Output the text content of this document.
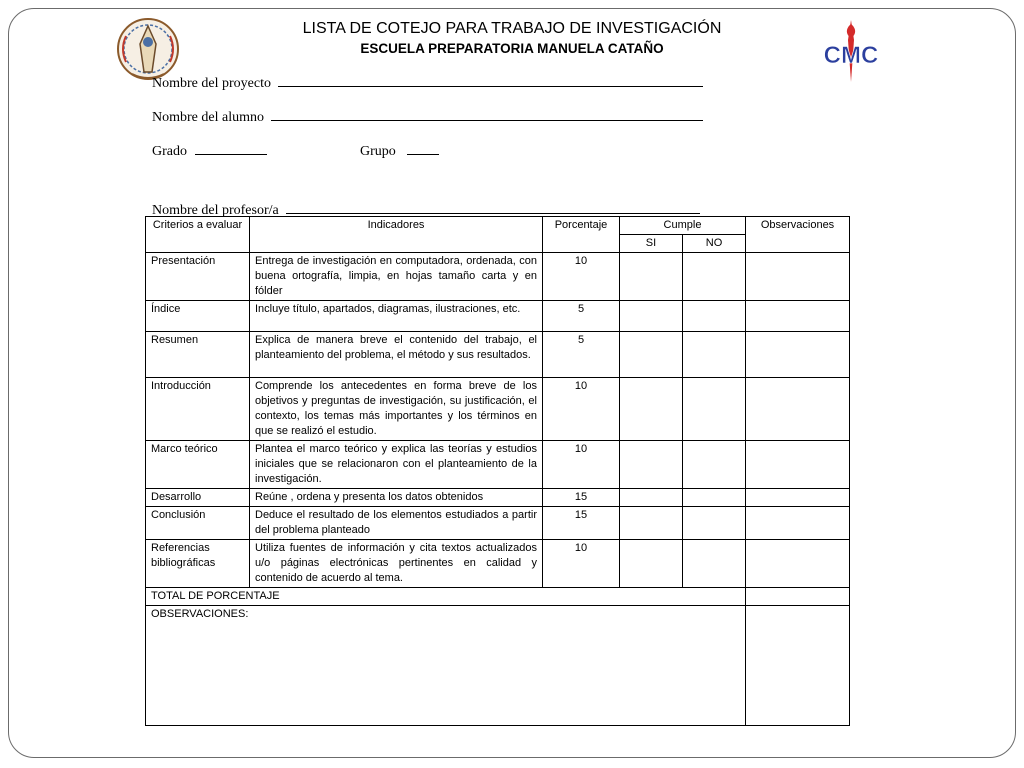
CMC
LISTA DE COTEJO PARA TRABAJO DE INVESTIGACIÓN
ESCUELA PREPARATORIA MANUELA CATAÑO
Nombre del proyecto
Nombre del alumno
Grado	Grupo
Nombre del profesor/a
Criterios a evaluar	Indicadores	Porcentaje	Cumple		Observaciones
			SI	NO	
Presentación	Entrega de investigación en computadora, ordenada, con buena ortografía, limpia, en hojas tamaño carta y en fólder	10			
Índice	Incluye título, apartados, diagramas, ilustraciones, etc.	5			
Resumen	Explica de manera breve el contenido del trabajo, el planteamiento del problema, el método y sus resultados.	5			
Introducción	Comprende los antecedentes en forma breve de los objetivos y preguntas de investigación, su justificación, el contexto, los temas más importantes y los términos en que se realizó el estudio.	10			
Marco teórico	Plantea el marco teórico y explica las teorías y estudios iniciales que se relacionaron con el planteamiento de la investigación.	10			
Desarrollo	Reúne , ordena y presenta los datos obtenidos	15			
Conclusión	Deduce el resultado de los elementos estudiados a partir del problema planteado	15			
Referencias bibliográficas	Utiliza fuentes de información y cita textos actualizados u/o páginas electrónicas pertinentes en calidad y contenido de acuerdo al tema.	10			
TOTAL DE PORCENTAJE					
OBSERVACIONES:					
